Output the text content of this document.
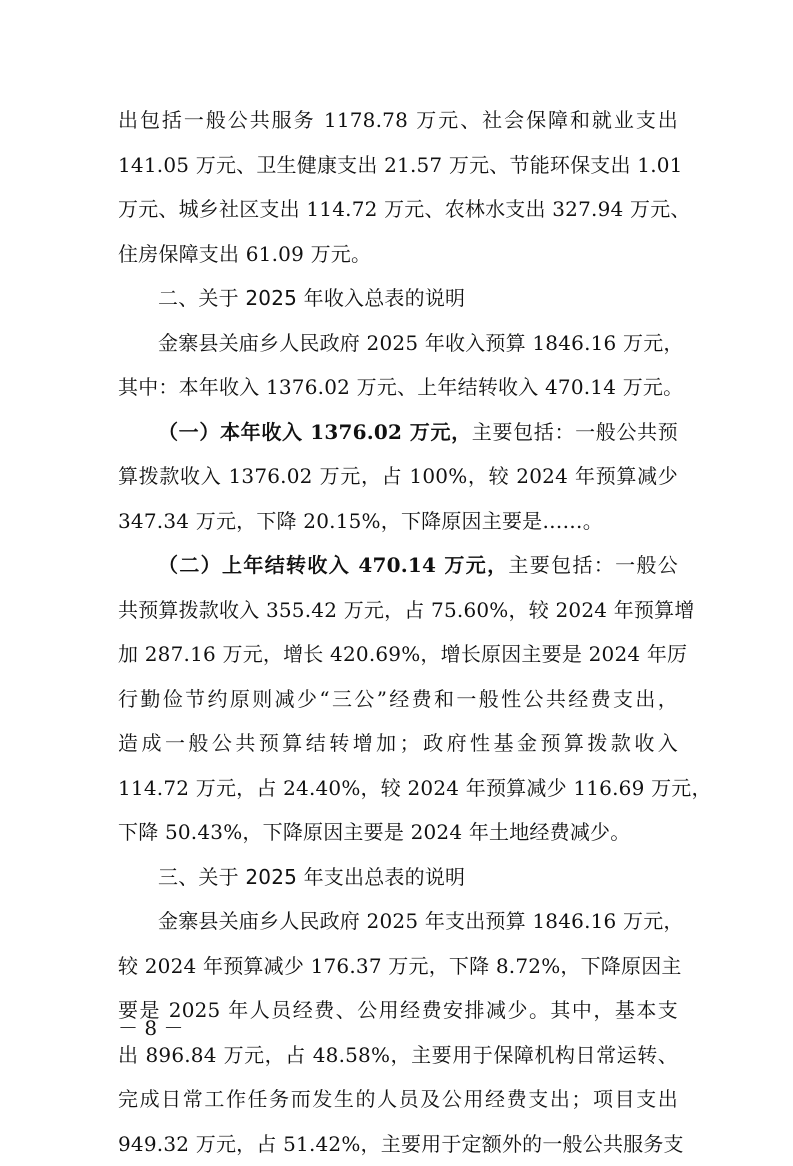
出包括一般公共服务 1178.78 万元、社会保障和就业支出
141.05 万元、卫生健康支出 21.57 万元、节能环保支出 1.01
万元、城乡社区支出 114.72 万元、农林水支出 327.94 万元、
住房保障支出 61.09 万元。
二、关于 2025 年收入总表的说明
金寨县关庙乡人民政府 2025 年收入预算 1846.16 万元，
其中：本年收入 1376.02 万元、上年结转收入 470.14 万元。
（一）本年收入 1376.02 万元，主要包括：一般公共预
算拨款收入 1376.02 万元，占 100%，较 2024 年预算减少
347.34 万元，下降 20.15%，下降原因主要是……。
（二）上年结转收入 470.14 万元，主要包括：一般公
共预算拨款收入 355.42 万元，占 75.60%，较 2024 年预算增
加 287.16 万元，增长 420.69%，增长原因主要是 2024 年厉
行勤俭节约原则减少“三公”经费和一般性公共经费支出，
造成一般公共预算结转增加；政府性基金预算拨款收入
114.72 万元，占 24.40%，较 2024 年预算减少 116.69 万元，
下降 50.43%，下降原因主要是 2024 年土地经费减少。
三、关于 2025 年支出总表的说明
金寨县关庙乡人民政府 2025 年支出预算 1846.16 万元，
较 2024 年预算减少 176.37 万元，下降 8.72%，下降原因主
要是 2025 年人员经费、公用经费安排减少。其中，基本支
出 896.84 万元，占 48.58%，主要用于保障机构日常运转、
完成日常工作任务而发生的人员及公用经费支出；项目支出
949.32 万元，占 51.42%，主要用于定额外的一般公共服务支
－ 8 －
